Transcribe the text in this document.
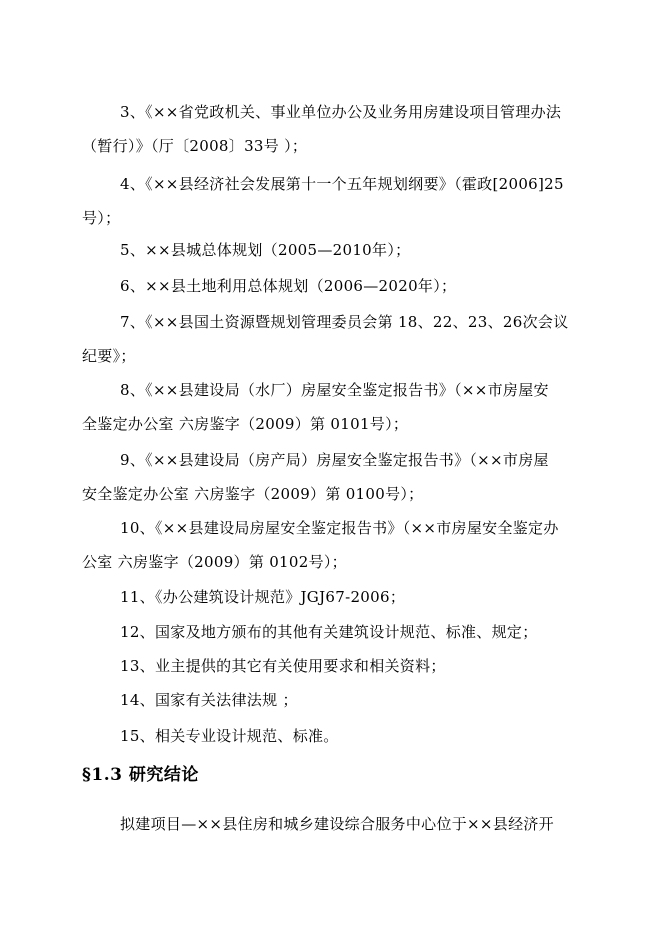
3、《××省党政机关、事业单位办公及业务用房建设项目管理办法
（暂行）》（厅〔2008〕33号 ）；
4、《××县经济社会发展第十一个五年规划纲要》（霍政[2006]25
号）；
5、××县城总体规划（2005—2010年）；
6、××县土地利用总体规划（2006—2020年）；
7、《××县国土资源暨规划管理委员会第 18、22、23、26次会议
纪要》；
8、《××县建设局（水厂）房屋安全鉴定报告书》（××市房屋安
全鉴定办公室 六房鉴字（2009）第 0101号）；
9、《××县建设局（房产局）房屋安全鉴定报告书》（××市房屋
安全鉴定办公室 六房鉴字（2009）第 0100号）；
10、《××县建设局房屋安全鉴定报告书》（××市房屋安全鉴定办
公室 六房鉴字（2009）第 0102号）；
11、《办公建筑设计规范》JGJ67-2006；
12、国家及地方颁布的其他有关建筑设计规范、标准、规定；
13、业主提供的其它有关使用要求和相关资料；
14、国家有关法律法规 ；
15、相关专业设计规范、标准。
§1.3 研究结论
拟建项目—××县住房和城乡建设综合服务中心位于××县经济开
